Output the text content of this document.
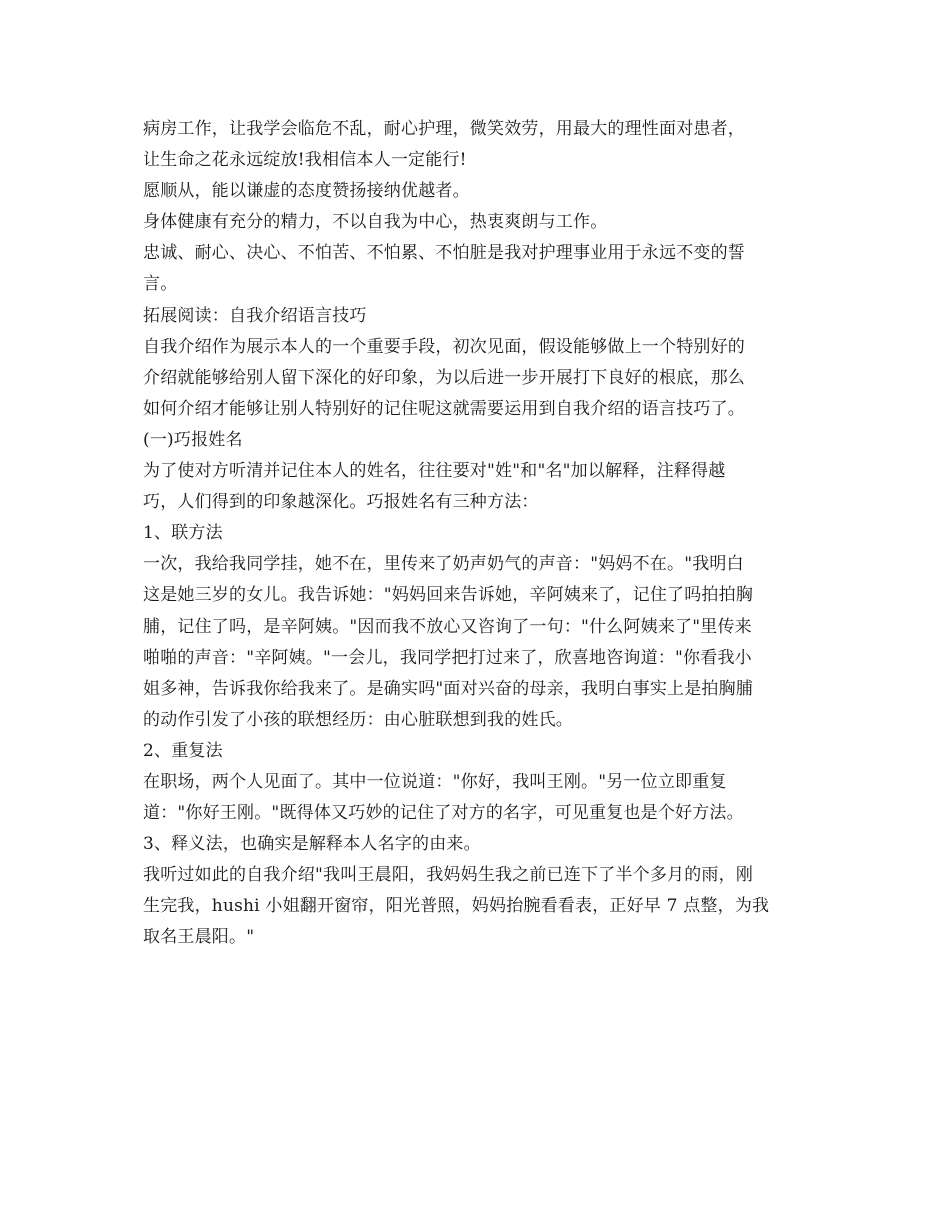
病房工作，让我学会临危不乱，耐心护理，微笑效劳，用最大的理性面对患者，
让生命之花永远绽放!我相信本人一定能行!
愿顺从，能以谦虚的态度赞扬接纳优越者。
身体健康有充分的精力，不以自我为中心，热衷爽朗与工作。
忠诚、耐心、决心、不怕苦、不怕累、不怕脏是我对护理事业用于永远不变的誓
言。
拓展阅读：自我介绍语言技巧
自我介绍作为展示本人的一个重要手段，初次见面，假设能够做上一个特别好的
介绍就能够给别人留下深化的好印象，为以后进一步开展打下良好的根底，那么
如何介绍才能够让别人特别好的记住呢这就需要运用到自我介绍的语言技巧了。
(一)巧报姓名
为了使对方听清并记住本人的姓名，往往要对"姓"和"名"加以解释，注释得越
巧，人们得到的印象越深化。巧报姓名有三种方法：
1、联方法
一次，我给我同学挂，她不在，里传来了奶声奶气的声音："妈妈不在。"我明白
这是她三岁的女儿。我告诉她："妈妈回来告诉她，辛阿姨来了，记住了吗拍拍胸
脯，记住了吗，是辛阿姨。"因而我不放心又咨询了一句："什么阿姨来了"里传来
啪啪的声音："辛阿姨。"一会儿，我同学把打过来了，欣喜地咨询道："你看我小
姐多神，告诉我你给我来了。是确实吗"面对兴奋的母亲，我明白事实上是拍胸脯
的动作引发了小孩的联想经历：由心脏联想到我的姓氏。
2、重复法
在职场，两个人见面了。其中一位说道："你好，我叫王刚。"另一位立即重复
道："你好王刚。"既得体又巧妙的记住了对方的名字，可见重复也是个好方法。
3、释义法，也确实是解释本人名字的由来。
我听过如此的自我介绍"我叫王晨阳，我妈妈生我之前已连下了半个多月的雨，刚
生完我，hushi 小姐翻开窗帘，阳光普照，妈妈抬腕看看表，正好早 7 点整，为我
取名王晨阳。"
